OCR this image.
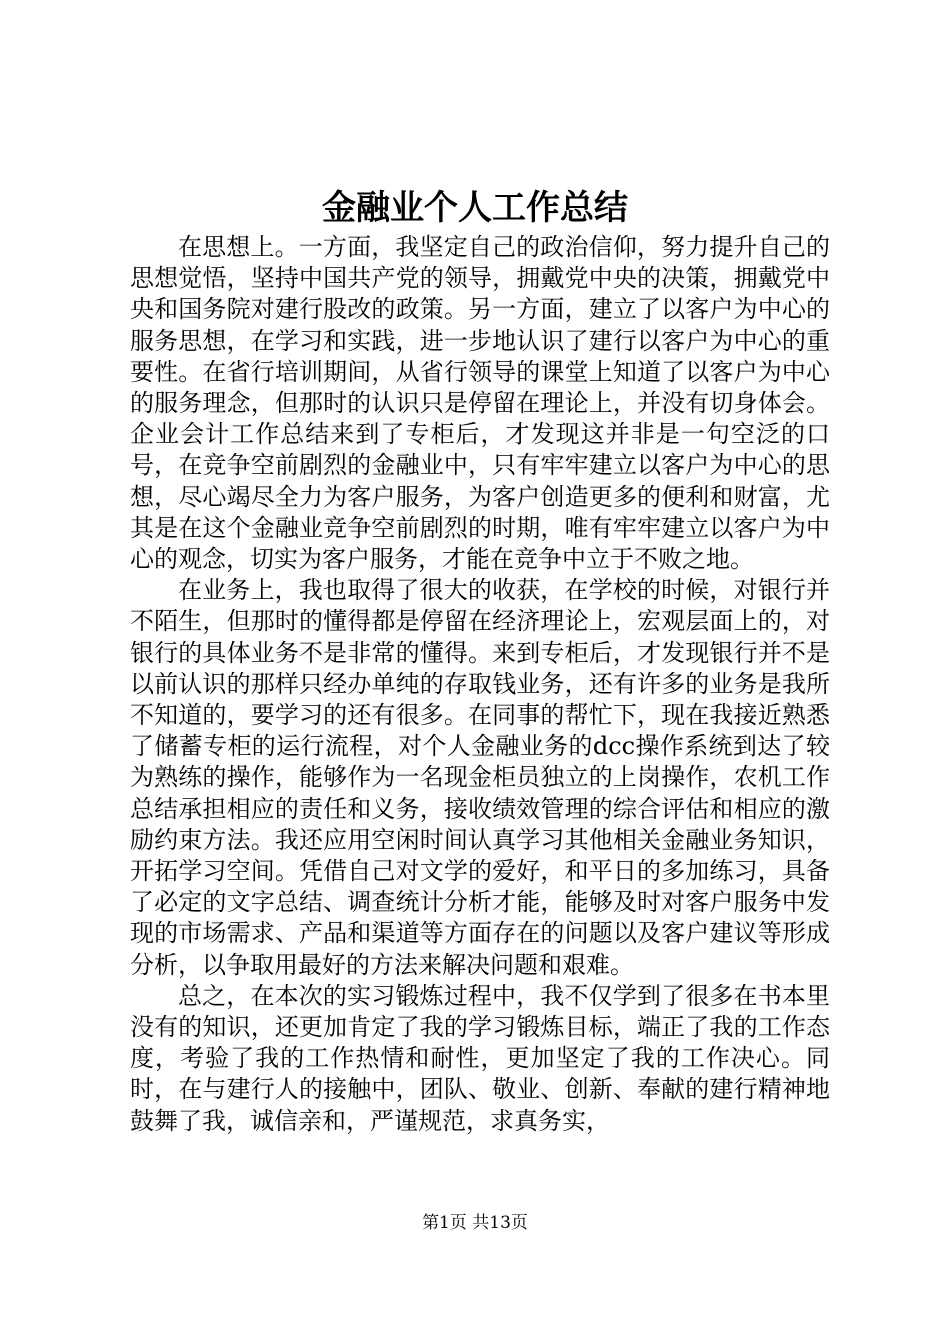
金融业个人工作总结

在思想上。一方面，我坚定自己的政治信仰，努力提升自己的思想觉悟，坚持中国共产党的领导，拥戴党中央的决策，拥戴党中央和国务院对建行股改的政策。另一方面，建立了以客户为中心的服务思想，在学习和实践，进一步地认识了建行以客户为中心的重要性。在省行培训期间，从省行领导的课堂上知道了以客户为中心的服务理念，但那时的认识只是停留在理论上，并没有切身体会。企业会计工作总结来到了专柜后，才发现这并非是一句空泛的口号，在竞争空前剧烈的金融业中，只有牢牢建立以客户为中心的思想，尽心竭尽全力为客户服务，为客户创造更多的便利和财富，尤其是在这个金融业竞争空前剧烈的时期，唯有牢牢建立以客户为中心的观念，切实为客户服务，才能在竞争中立于不败之地。

在业务上，我也取得了很大的收获，在学校的时候，对银行并不陌生，但那时的懂得都是停留在经济理论上，宏观层面上的，对银行的具体业务不是非常的懂得。来到专柜后，才发现银行并不是以前认识的那样只经办单纯的存取钱业务，还有许多的业务是我所不知道的，要学习的还有很多。在同事的帮忙下，现在我接近熟悉了储蓄专柜的运行流程，对个人金融业务的dcc操作系统到达了较为熟练的操作，能够作为一名现金柜员独立的上岗操作，农机工作总结承担相应的责任和义务，接收绩效管理的综合评估和相应的激励约束方法。我还应用空闲时间认真学习其他相关金融业务知识，开拓学习空间。凭借自己对文学的爱好，和平日的多加练习，具备了必定的文字总结、调查统计分析才能，能够及时对客户服务中发现的市场需求、产品和渠道等方面存在的问题以及客户建议等形成分析，以争取用最好的方法来解决问题和艰难。

总之，在本次的实习锻炼过程中，我不仅学到了很多在书本里没有的知识，还更加肯定了我的学习锻炼目标，端正了我的工作态度，考验了我的工作热情和耐性，更加坚定了我的工作决心。同时，在与建行人的接触中，团队、敬业、创新、奉献的建行精神地鼓舞了我，诚信亲和，严谨规范，求真务实，

第1页 共13页
